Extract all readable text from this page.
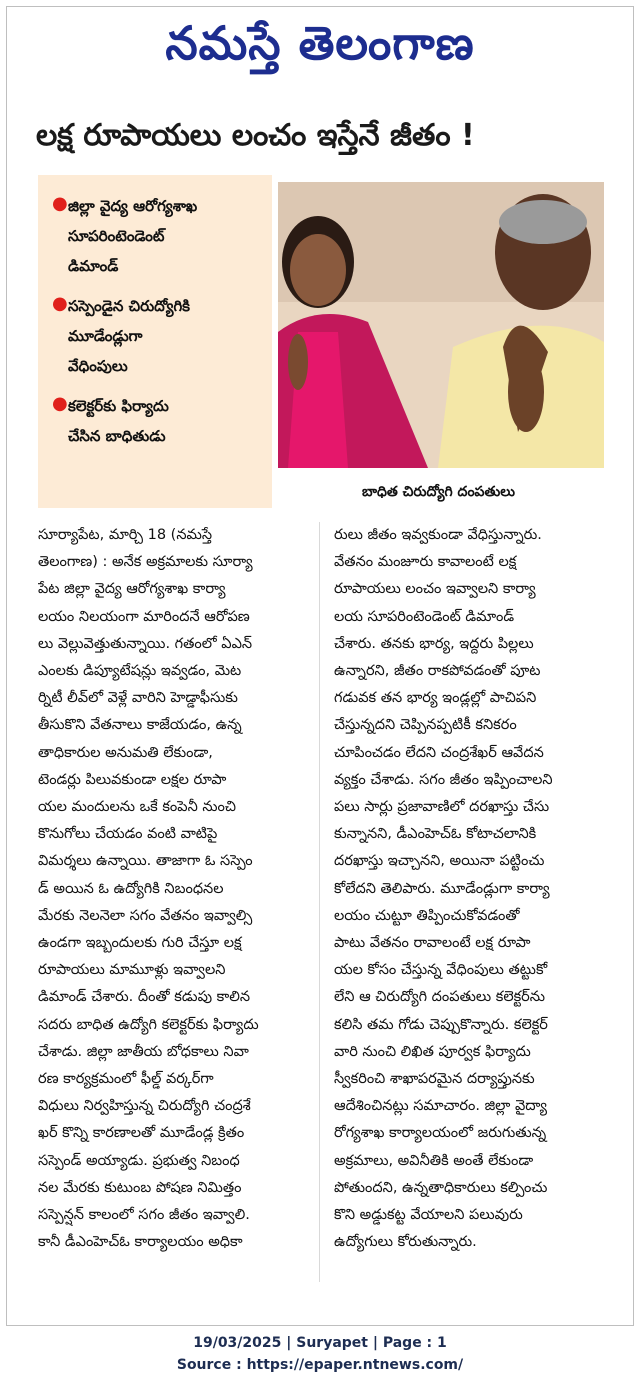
నమస్తే తెలంగాణ
లక్ష రూపాయలు లంచం ఇస్తేనే జీతం !
● జిల్లా వైద్య ఆరోగ్యశాఖ
సూపరింటెండెంట్
డిమాండ్
● సస్పెండైన చిరుద్యోగికి
మూడేండ్లుగా
వేధింపులు
● కలెక్టర్‌కు ఫిర్యాదు
చేసిన బాధితుడు
బాధిత చిరుద్యోగి దంపతులు

సూర్యాపేట, మార్చి 18 (నమస్తే

తెలంగాణ) : అనేక అక్రమాలకు సూర్యా

పేట జిల్లా వైద్య ఆరోగ్యశాఖ కార్యా

లయం నిలయంగా మారిందనే ఆరోపణ

లు వెల్లువెత్తుతున్నాయి. గతంలో ఏఎన్

ఎంలకు డిప్యూటేషన్లు ఇవ్వడం, మెట

ర్నిటీ లీవ్‌లో వెళ్లే వారిని హెడ్డాఫీసుకు

తీసుకొని వేతనాలు కాజేయడం, ఉన్న

తాధికారుల అనుమతి లేకుండా,

టెండర్లు పిలువకుండా లక్షల రూపా

యల మందులను ఒకే కంపెనీ నుంచి

కొనుగోలు చేయడం వంటి వాటిపై

విమర్శలు ఉన్నాయి. తాజాగా ఓ సస్పెం

డ్ అయిన ఓ ఉద్యోగికి నిబంధనల

మేరకు నెలనెలా సగం వేతనం ఇవ్వాల్సి

ఉండగా ఇబ్బందులకు గురి చేస్తూ లక్ష

రూపాయలు మామూళ్లు ఇవ్వాలని

డిమాండ్ చేశారు. దీంతో కడుపు కాలిన

సదరు బాధిత ఉద్యోగి కలెక్టర్‌కు ఫిర్యాదు

చేశాడు. జిల్లా జాతీయ బోధకాలు నివా

రణ కార్యక్రమంలో ఫీల్డ్ వర్కర్‌గా

విధులు నిర్వహిస్తున్న చిరుద్యోగి చంద్రశే

ఖర్ కొన్ని కారణాలతో మూడేండ్ల క్రితం

సస్పెండ్ అయ్యాడు. ప్రభుత్వ నిబంధ

నల మేరకు కుటుంబ పోషణ నిమిత్తం

సస్పెన్షన్ కాలంలో సగం జీతం ఇవ్వాలి.

కానీ డీఎంహెచ్ఓ కార్యాలయం అధికా

రులు జీతం ఇవ్వకుండా వేధిస్తున్నారు.

వేతనం మంజూరు కావాలంటే లక్ష

రూపాయలు లంచం ఇవ్వాలని కార్యా

లయ సూపరింటెండెంట్ డిమాండ్

చేశారు. తనకు భార్య, ఇద్దరు పిల్లలు

ఉన్నారని, జీతం రాకపోవడంతో పూట

గడువక తన భార్య ఇండ్లల్లో పాచిపని

చేస్తున్నదని చెప్పినప్పటికీ కనికరం

చూపించడం లేదని చంద్రశేఖర్ ఆవేదన

వ్యక్తం చేశాడు. సగం జీతం ఇప్పించాలని

పలు సార్లు ప్రజావాణిలో దరఖాస్తు చేసు

కున్నానని, డీఎంహెచ్ఓ కోటాచలానికి

దరఖాస్తు ఇచ్చానని, అయినా పట్టించు

కోలేదని తెలిపారు. మూడేండ్లుగా కార్యా

లయం చుట్టూ తిప్పించుకోవడంతో

పాటు వేతనం రావాలంటే లక్ష రూపా

యల కోసం చేస్తున్న వేధింపులు తట్టుకో

లేని ఆ చిరుద్యోగి దంపతులు కలెక్టర్‌ను

కలిసి తమ గోడు చెప్పుకొన్నారు. కలెక్టర్

వారి నుంచి లిఖిత పూర్వక ఫిర్యాదు

స్వీకరించి శాఖాపరమైన దర్యాప్తునకు

ఆదేశించినట్లు సమాచారం. జిల్లా వైద్యా

రోగ్యశాఖ కార్యాలయంలో జరుగుతున్న

అక్రమాలు, అవినీతికి అంతే లేకుండా

పోతుందని, ఉన్నతాధికారులు కల్పించు

కొని అడ్డుకట్ట వేయాలని పలువురు

ఉద్యోగులు కోరుతున్నారు.

19/03/2025 | Suryapet | Page : 1
Source : https://epaper.ntnews.com/
